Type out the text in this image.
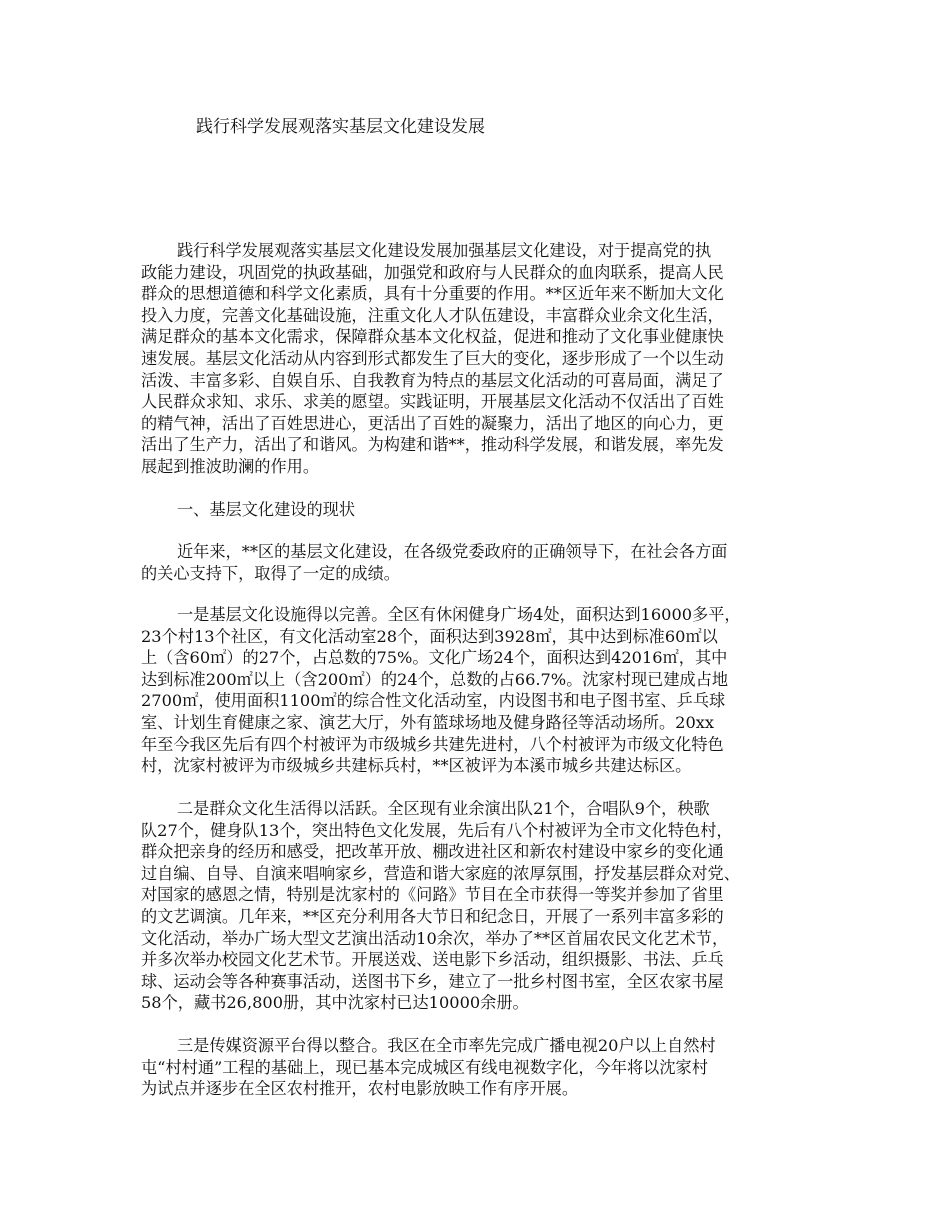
践行科学发展观落实基层文化建设发展
践行科学发展观落实基层文化建设发展加强基层文化建设，对于提高党的执
政能力建设，巩固党的执政基础，加强党和政府与人民群众的血肉联系，提高人民
群众的思想道德和科学文化素质，具有十分重要的作用。**区近年来不断加大文化
投入力度，完善文化基础设施，注重文化人才队伍建设，丰富群众业余文化生活，
满足群众的基本文化需求，保障群众基本文化权益，促进和推动了文化事业健康快
速发展。基层文化活动从内容到形式都发生了巨大的变化，逐步形成了一个以生动
活泼、丰富多彩、自娱自乐、自我教育为特点的基层文化活动的可喜局面，满足了
人民群众求知、求乐、求美的愿望。实践证明，开展基层文化活动不仅活出了百姓
的精气神，活出了百姓思进心，更活出了百姓的凝聚力，活出了地区的向心力，更
活出了生产力，活出了和谐风。为构建和谐**，推动科学发展，和谐发展，率先发
展起到推波助澜的作用。
一、基层文化建设的现状
近年来，**区的基层文化建设，在各级党委政府的正确领导下，在社会各方面
的关心支持下，取得了一定的成绩。
一是基层文化设施得以完善。全区有休闲健身广场4处，面积达到16000多平，
23个村13个社区，有文化活动室28个，面积达到3928㎡，其中达到标准60㎡以
上（含60㎡）的27个，占总数的75%。文化广场24个，面积达到42016㎡，其中
达到标准200㎡以上（含200㎡）的24个，总数的占66.7%。沈家村现已建成占地
2700㎡，使用面积1100㎡的综合性文化活动室，内设图书和电子图书室、乒乓球
室、计划生育健康之家、演艺大厅，外有篮球场地及健身路径等活动场所。20xx
年至今我区先后有四个村被评为市级城乡共建先进村，八个村被评为市级文化特色
村，沈家村被评为市级城乡共建标兵村，**区被评为本溪市城乡共建达标区。
二是群众文化生活得以活跃。全区现有业余演出队21个，合唱队9个，秧歌
队27个，健身队13个，突出特色文化发展，先后有八个村被评为全市文化特色村，
群众把亲身的经历和感受，把改革开放、棚改进社区和新农村建设中家乡的变化通
过自编、自导、自演来唱响家乡，营造和谐大家庭的浓厚氛围，抒发基层群众对党、
对国家的感恩之情，特别是沈家村的《问路》节目在全市获得一等奖并参加了省里
的文艺调演。几年来，**区充分利用各大节日和纪念日，开展了一系列丰富多彩的
文化活动，举办广场大型文艺演出活动10余次，举办了**区首届农民文化艺术节，
并多次举办校园文化艺术节。开展送戏、送电影下乡活动，组织摄影、书法、乒乓
球、运动会等各种赛事活动，送图书下乡，建立了一批乡村图书室，全区农家书屋
58个，藏书26,800册，其中沈家村已达10000余册。
三是传媒资源平台得以整合。我区在全市率先完成广播电视20户以上自然村
屯“村村通”工程的基础上，现已基本完成城区有线电视数字化，今年将以沈家村
为试点并逐步在全区农村推开，农村电影放映工作有序开展。
